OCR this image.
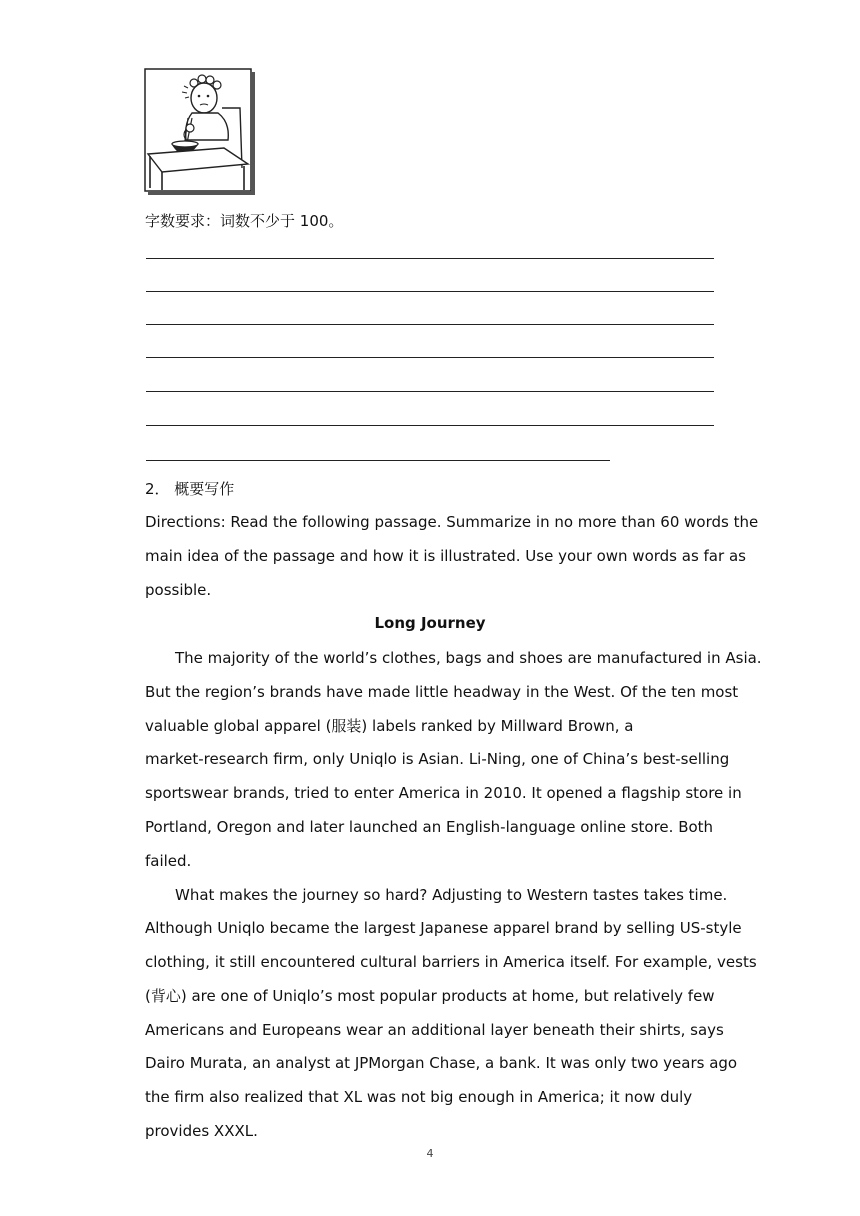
字数要求：词数不少于 100。
2． 概要写作
Directions: Read the following passage. Summarize in no more than 60 words the
main idea of the passage and how it is illustrated. Use your own words as far as
possible.
Long Journey
The majority of the world’s clothes, bags and shoes are manufactured in Asia.
But the region’s brands have made little headway in the West. Of the ten most
valuable global apparel (服装) labels ranked by Millward Brown, a
market-research firm, only Uniqlo is Asian. Li-Ning, one of China’s best-selling
sportswear brands, tried to enter America in 2010. It opened a flagship store in
Portland, Oregon and later launched an English-language online store. Both
failed.
What makes the journey so hard? Adjusting to Western tastes takes time.
Although Uniqlo became the largest Japanese apparel brand by selling US-style
clothing, it still encountered cultural barriers in America itself. For example, vests
(背心) are one of Uniqlo’s most popular products at home, but relatively few
Americans and Europeans wear an additional layer beneath their shirts, says
Dairo Murata, an analyst at JPMorgan Chase, a bank. It was only two years ago
the firm also realized that XL was not big enough in America; it now duly
provides XXXL.
4
